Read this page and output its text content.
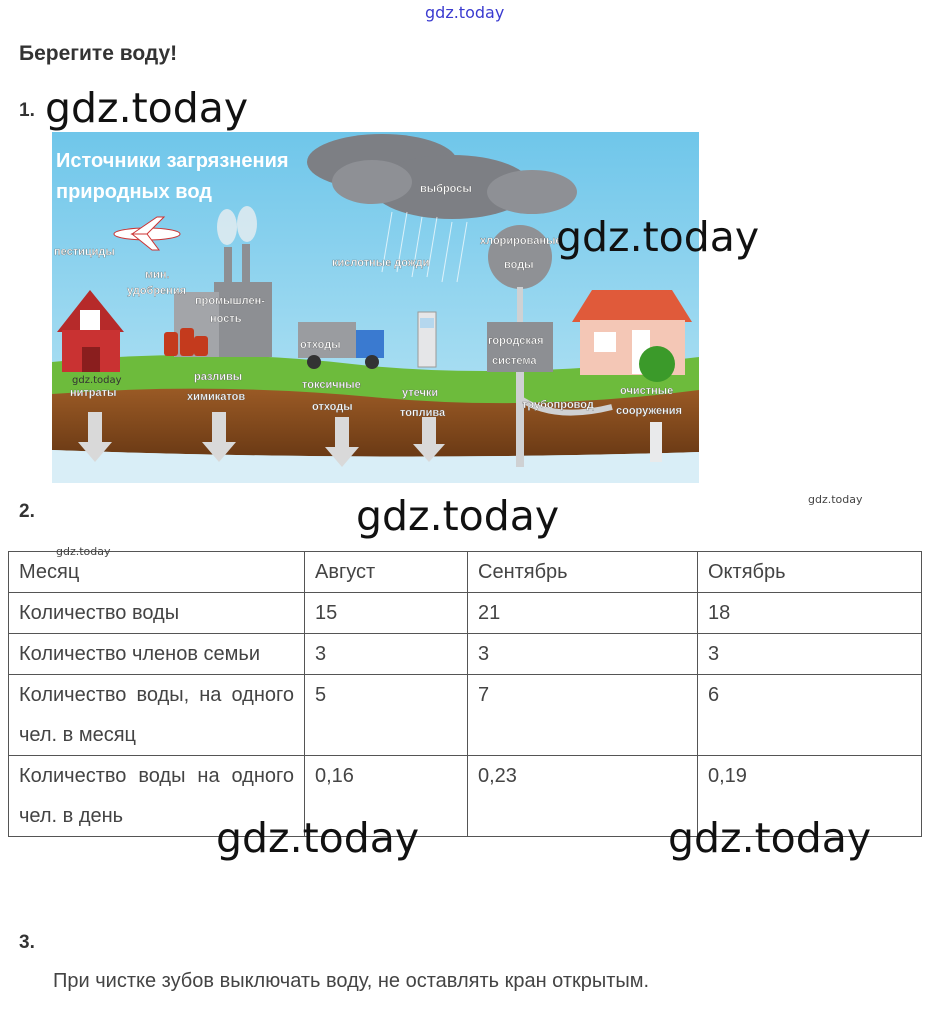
gdz.today
Берегите воду!
1. gdz.today
Источники загрязнения
природных вод
пестициды
мин.
удобрения
промышлен-
ность
выбросы
кислотные дожди
хлорированые
воды
отходы
токсичные
отходы
городская
система
нитраты
разливы
химикатов	утечки
топлива
трубопровод
очистные
сооружения
gdz.today
gdz.today
2.	gdz.today	gdz.today
Месяц	Август	Сентябрь	Октябрь
Количество воды	15	21	18
Количество членов семьи	3	3	3
Количество воды, на одного чел. в месяц	5	7	6
Количество воды на одного чел. в день	0,16	0,23	0,19
gdz.today
gdz.today	gdz.today
3.
При чистке зубов выключать воду, не оставлять кран открытым.
